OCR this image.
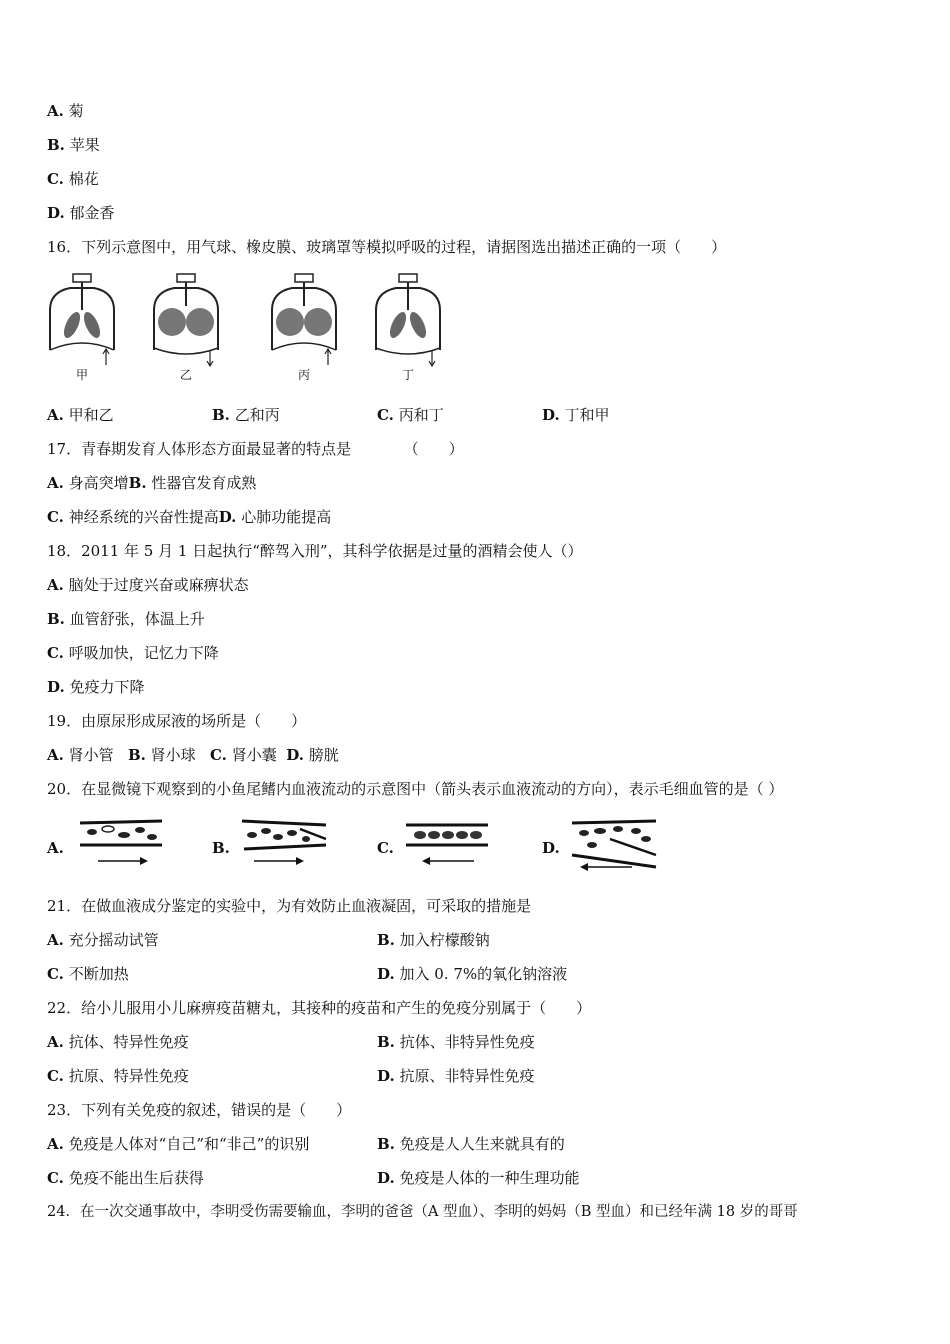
A. 菊
B. 苹果
C. 棉花
D. 郁金香
16．下列示意图中，用气球、橡皮膜、玻璃罩等模拟呼吸的过程，请据图选出描述正确的一项（　　）
甲	乙	丙	丁
A. 甲和乙	B. 乙和丙	C. 丙和丁	D. 丁和甲
17．青春期发育人体形态方面最显著的特点是　　　　（　　）
A. 身高突增B. 性器官发育成熟
C. 神经系统的兴奋性提高D. 心肺功能提高
18．2011 年 5 月 1 日起执行“醉驾入刑”，其科学依据是过量的酒精会使人（）
A. 脑处于过度兴奋或麻痹状态
B. 血管舒张，体温上升
C. 呼吸加快，记忆力下降
D. 免疫力下降
19．由原尿形成尿液的场所是（　　）
A. 肾小管 B. 肾小球 C. 肾小囊 D. 膀胱
20．在显微镜下观察到的小鱼尾鳍内血液流动的示意图中（箭头表示血液流动的方向），表示毛细血管的是（ ）
A.	B.	C.	D.
21．在做血液成分鉴定的实验中，为有效防止血液凝固，可采取的措施是
A. 充分摇动试管	B. 加入柠檬酸钠
C. 不断加热	D. 加入 0. 7%的氧化钠溶液
22．给小儿服用小儿麻痹疫苗糖丸，其接种的疫苗和产生的免疫分别属于（　　）
A. 抗体、特异性免疫	B. 抗体、非特异性免疫
C. 抗原、特异性免疫	D. 抗原、非特异性免疫
23．下列有关免疫的叙述，错误的是（　　）
A. 免疫是人体对“自己”和“非己”的识别	B. 免疫是人人生来就具有的
C. 免疫不能出生后获得	D. 免疫是人体的一种生理功能
24．在一次交通事故中，李明受伤需要输血，李明的爸爸（A 型血）、李明的妈妈（B 型血）和已经年满 18 岁的哥哥
